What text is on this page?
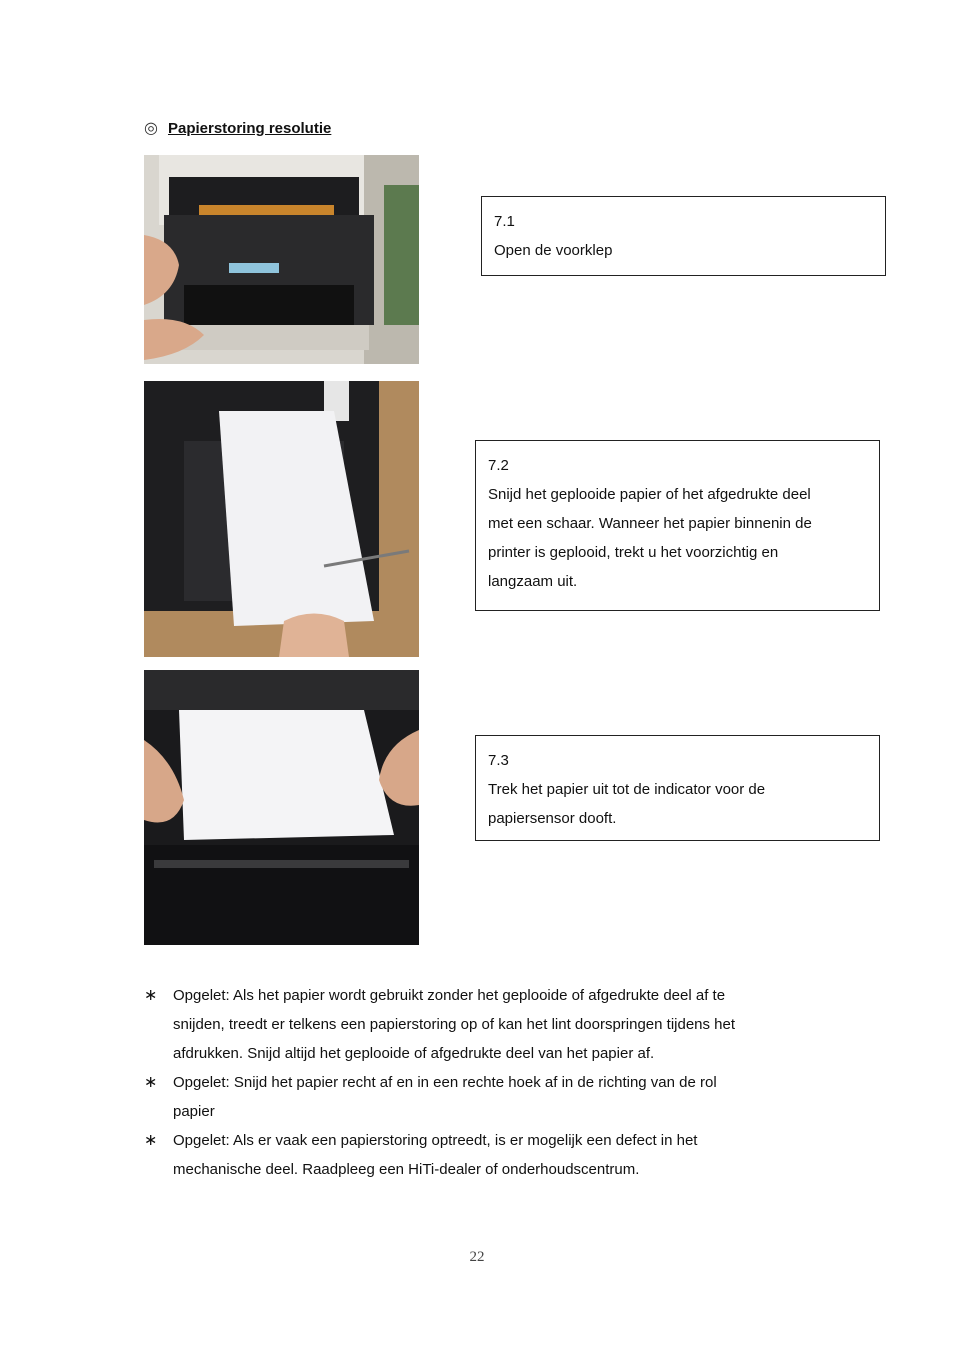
◎ Papierstoring resolutie
7.1
Open de voorklep
7.2
Snijd het geplooide papier of het afgedrukte deel
met een schaar. Wanneer het papier binnenin de
printer is geplooid, trekt u het voorzichtig en
langzaam uit.
7.3
Trek het papier uit tot de indicator voor de
papiersensor dooft.
∗	Opgelet: Als het papier wordt gebruikt zonder het geplooide of afgedrukte deel af te
snijden, treedt er telkens een papierstoring op of kan het lint doorspringen tijdens het
afdrukken. Snijd altijd het geplooide of afgedrukte deel van het papier af.
∗	Opgelet: Snijd het papier recht af en in een rechte hoek af in de richting van de rol
papier
∗	Opgelet: Als er vaak een papierstoring optreedt, is er mogelijk een defect in het
mechanische deel. Raadpleeg een HiTi-dealer of onderhoudscentrum.
22
